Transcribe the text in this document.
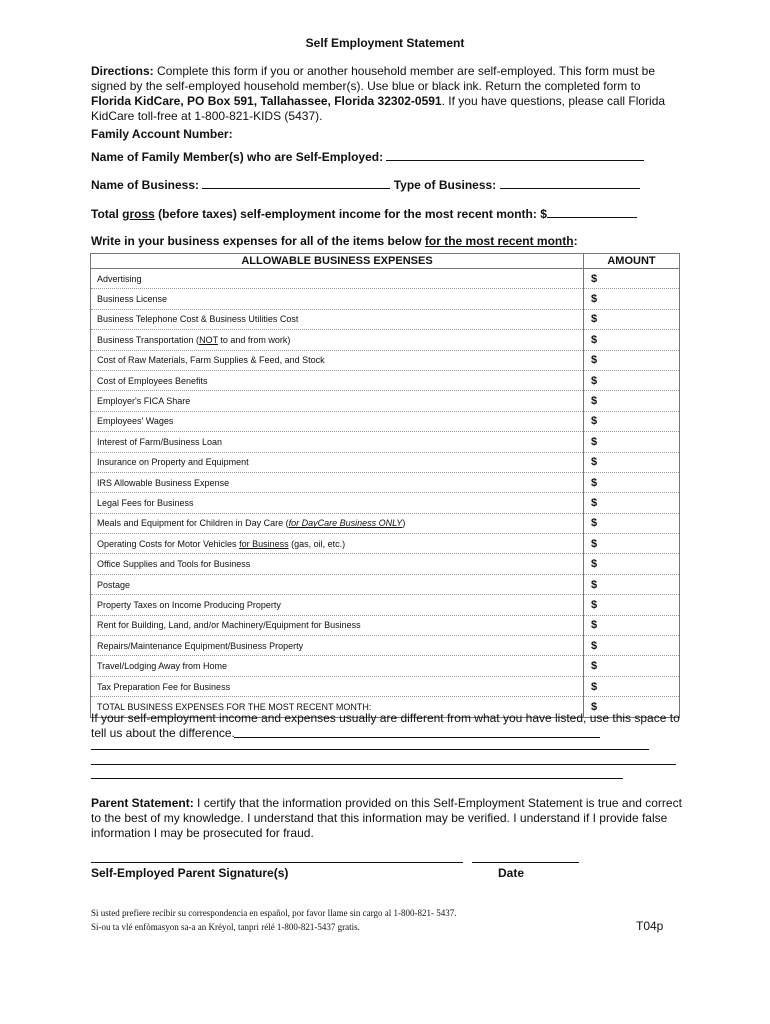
Self Employment Statement
Directions: Complete this form if you or another household member are self-employed. This form must be signed by the self-employed household member(s). Use blue or black ink. Return the completed form to Florida KidCare, PO Box 591, Tallahassee, Florida 32302-0591. If you have questions, please call Florida KidCare toll-free at 1-800-821-KIDS (5437).
Family Account Number:
Name of Family Member(s) who are Self-Employed:
Name of Business:	Type of Business:
Total gross (before taxes) self-employment income for the most recent month: $
Write in your business expenses for all of the items below for the most recent month:
ALLOWABLE BUSINESS EXPENSES	AMOUNT
Advertising	$
Business License	$
Business Telephone Cost & Business Utilities Cost	$
Business Transportation (NOT to and from work)	$
Cost of Raw Materials, Farm Supplies & Feed, and Stock	$
Cost of Employees Benefits	$
Employer's FICA Share	$
Employees' Wages	$
Interest of Farm/Business Loan	$
Insurance on Property and Equipment	$
IRS Allowable Business Expense	$
Legal Fees for Business	$
Meals and Equipment for Children in Day Care (for DayCare Business ONLY)	$
Operating Costs for Motor Vehicles for Business (gas, oil, etc.)	$
Office Supplies and Tools for Business	$
Postage	$
Property Taxes on Income Producing Property	$
Rent for Building, Land, and/or Machinery/Equipment for Business	$
Repairs/Maintenance Equipment/Business Property	$
Travel/Lodging Away from Home	$
Tax Preparation Fee for Business	$
TOTAL BUSINESS EXPENSES FOR THE MOST RECENT MONTH:	$
If your self-employment income and expenses usually are different from what you have listed, use this space to tell us about the difference.
Parent Statement: I certify that the information provided on this Self-Employment Statement is true and correct to the best of my knowledge. I understand that this information may be verified. I understand if I provide false information I may be prosecuted for fraud.
Self-Employed Parent Signature(s)	Date
Si usted prefiere recibir su correspondencia en español, por favor llame sin cargo al 1-800-821- 5437.
Si-ou ta vlé enfòmasyon sa-a an Kréyol, tanpri rélé 1-800-821-5437 gratis.	T04p
